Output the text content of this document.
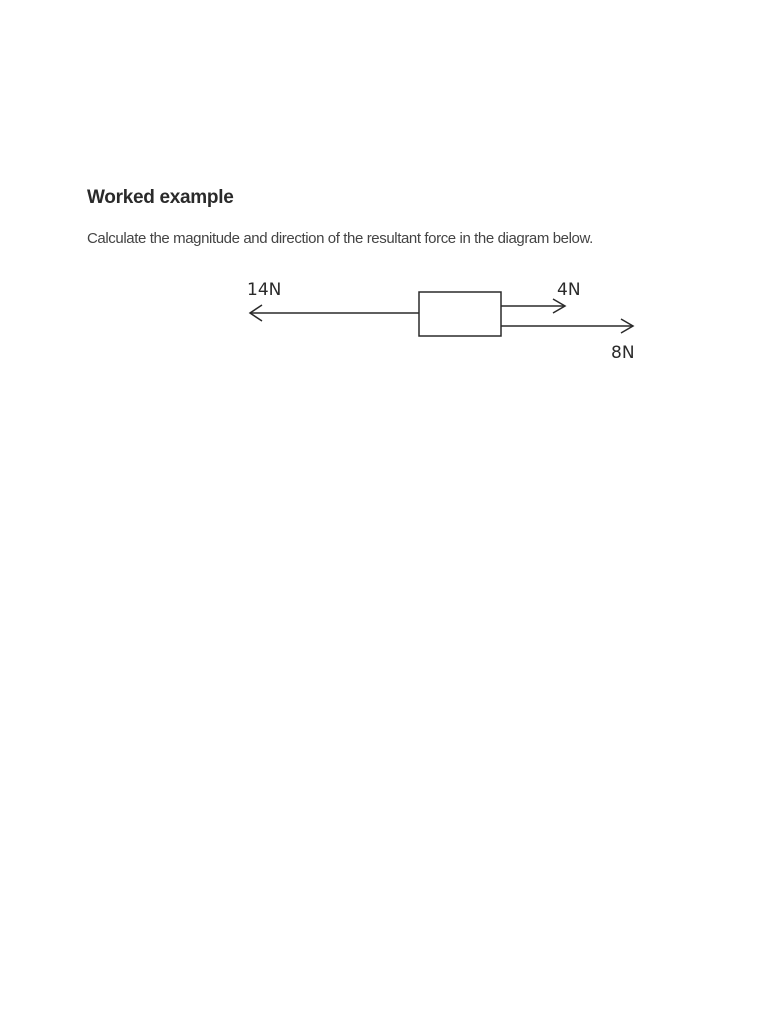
Worked example

Calculate the magnitude and direction of the resultant force in the diagram below.

14N	4N
8N
